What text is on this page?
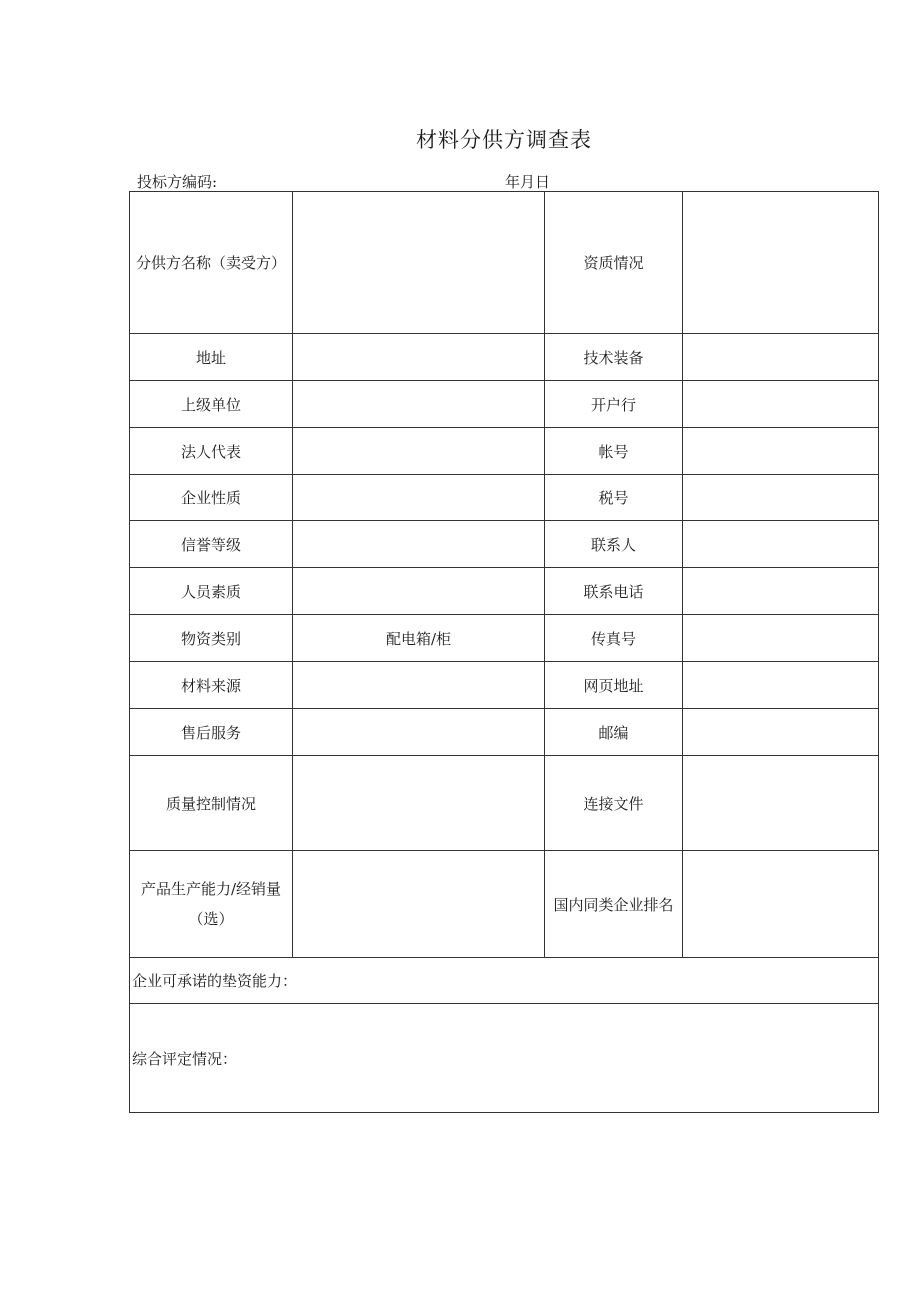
材料分供方调查表
投标方编码:	年月日
分供方名称（卖受方）		资质情况	
地址		技术装备	
上级单位		开户行	
法人代表		帐号	
企业性质		税号	
信誉等级		联系人	
人员素质		联系电话	
物资类别	配电箱/柜	传真号	
材料来源		网页地址	
售后服务		邮编	
质量控制情况		连接文件	
产品生产能力/经销量（选）		国内同类企业排名	
企业可承诺的垫资能力：			
综合评定情况：			
